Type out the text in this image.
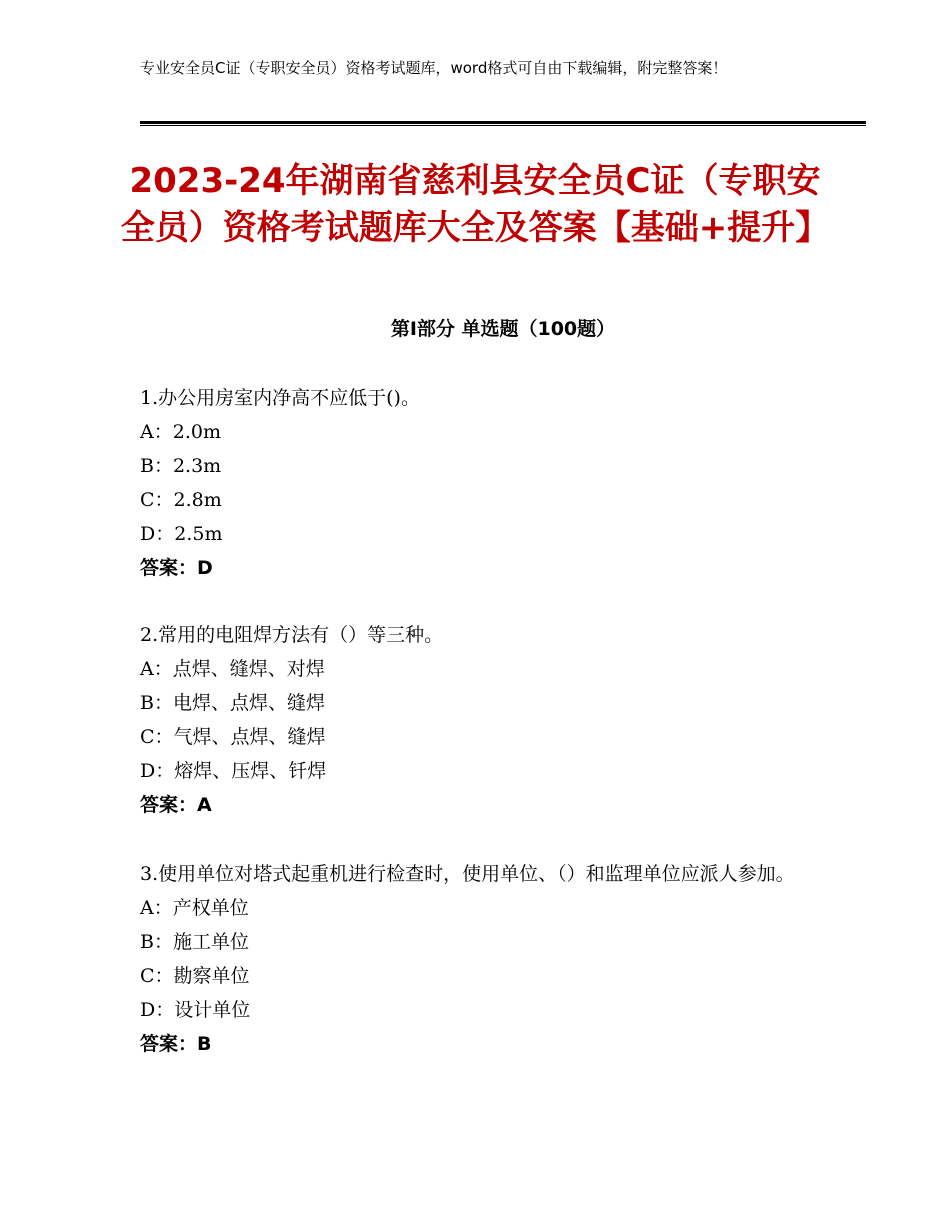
专业安全员C证（专职安全员）资格考试题库，word格式可自由下载编辑，附完整答案！
2023-24年湖南省慈利县安全员C证（专职安全员）资格考试题库大全及答案【基础+提升】
第Ⅰ部分 单选题（100题）
1.办公用房室内净高不应低于()。
A：2.0m
B：2.3m
C：2.8m
D：2.5m
答案：D
2.常用的电阻焊方法有（）等三种。
A：点焊、缝焊、对焊
B：电焊、点焊、缝焊
C：气焊、点焊、缝焊
D：熔焊、压焊、钎焊
答案：A
3.使用单位对塔式起重机进行检查时，使用单位、（）和监理单位应派人参加。
A：产权单位
B：施工单位
C：勘察单位
D：设计单位
答案：B
